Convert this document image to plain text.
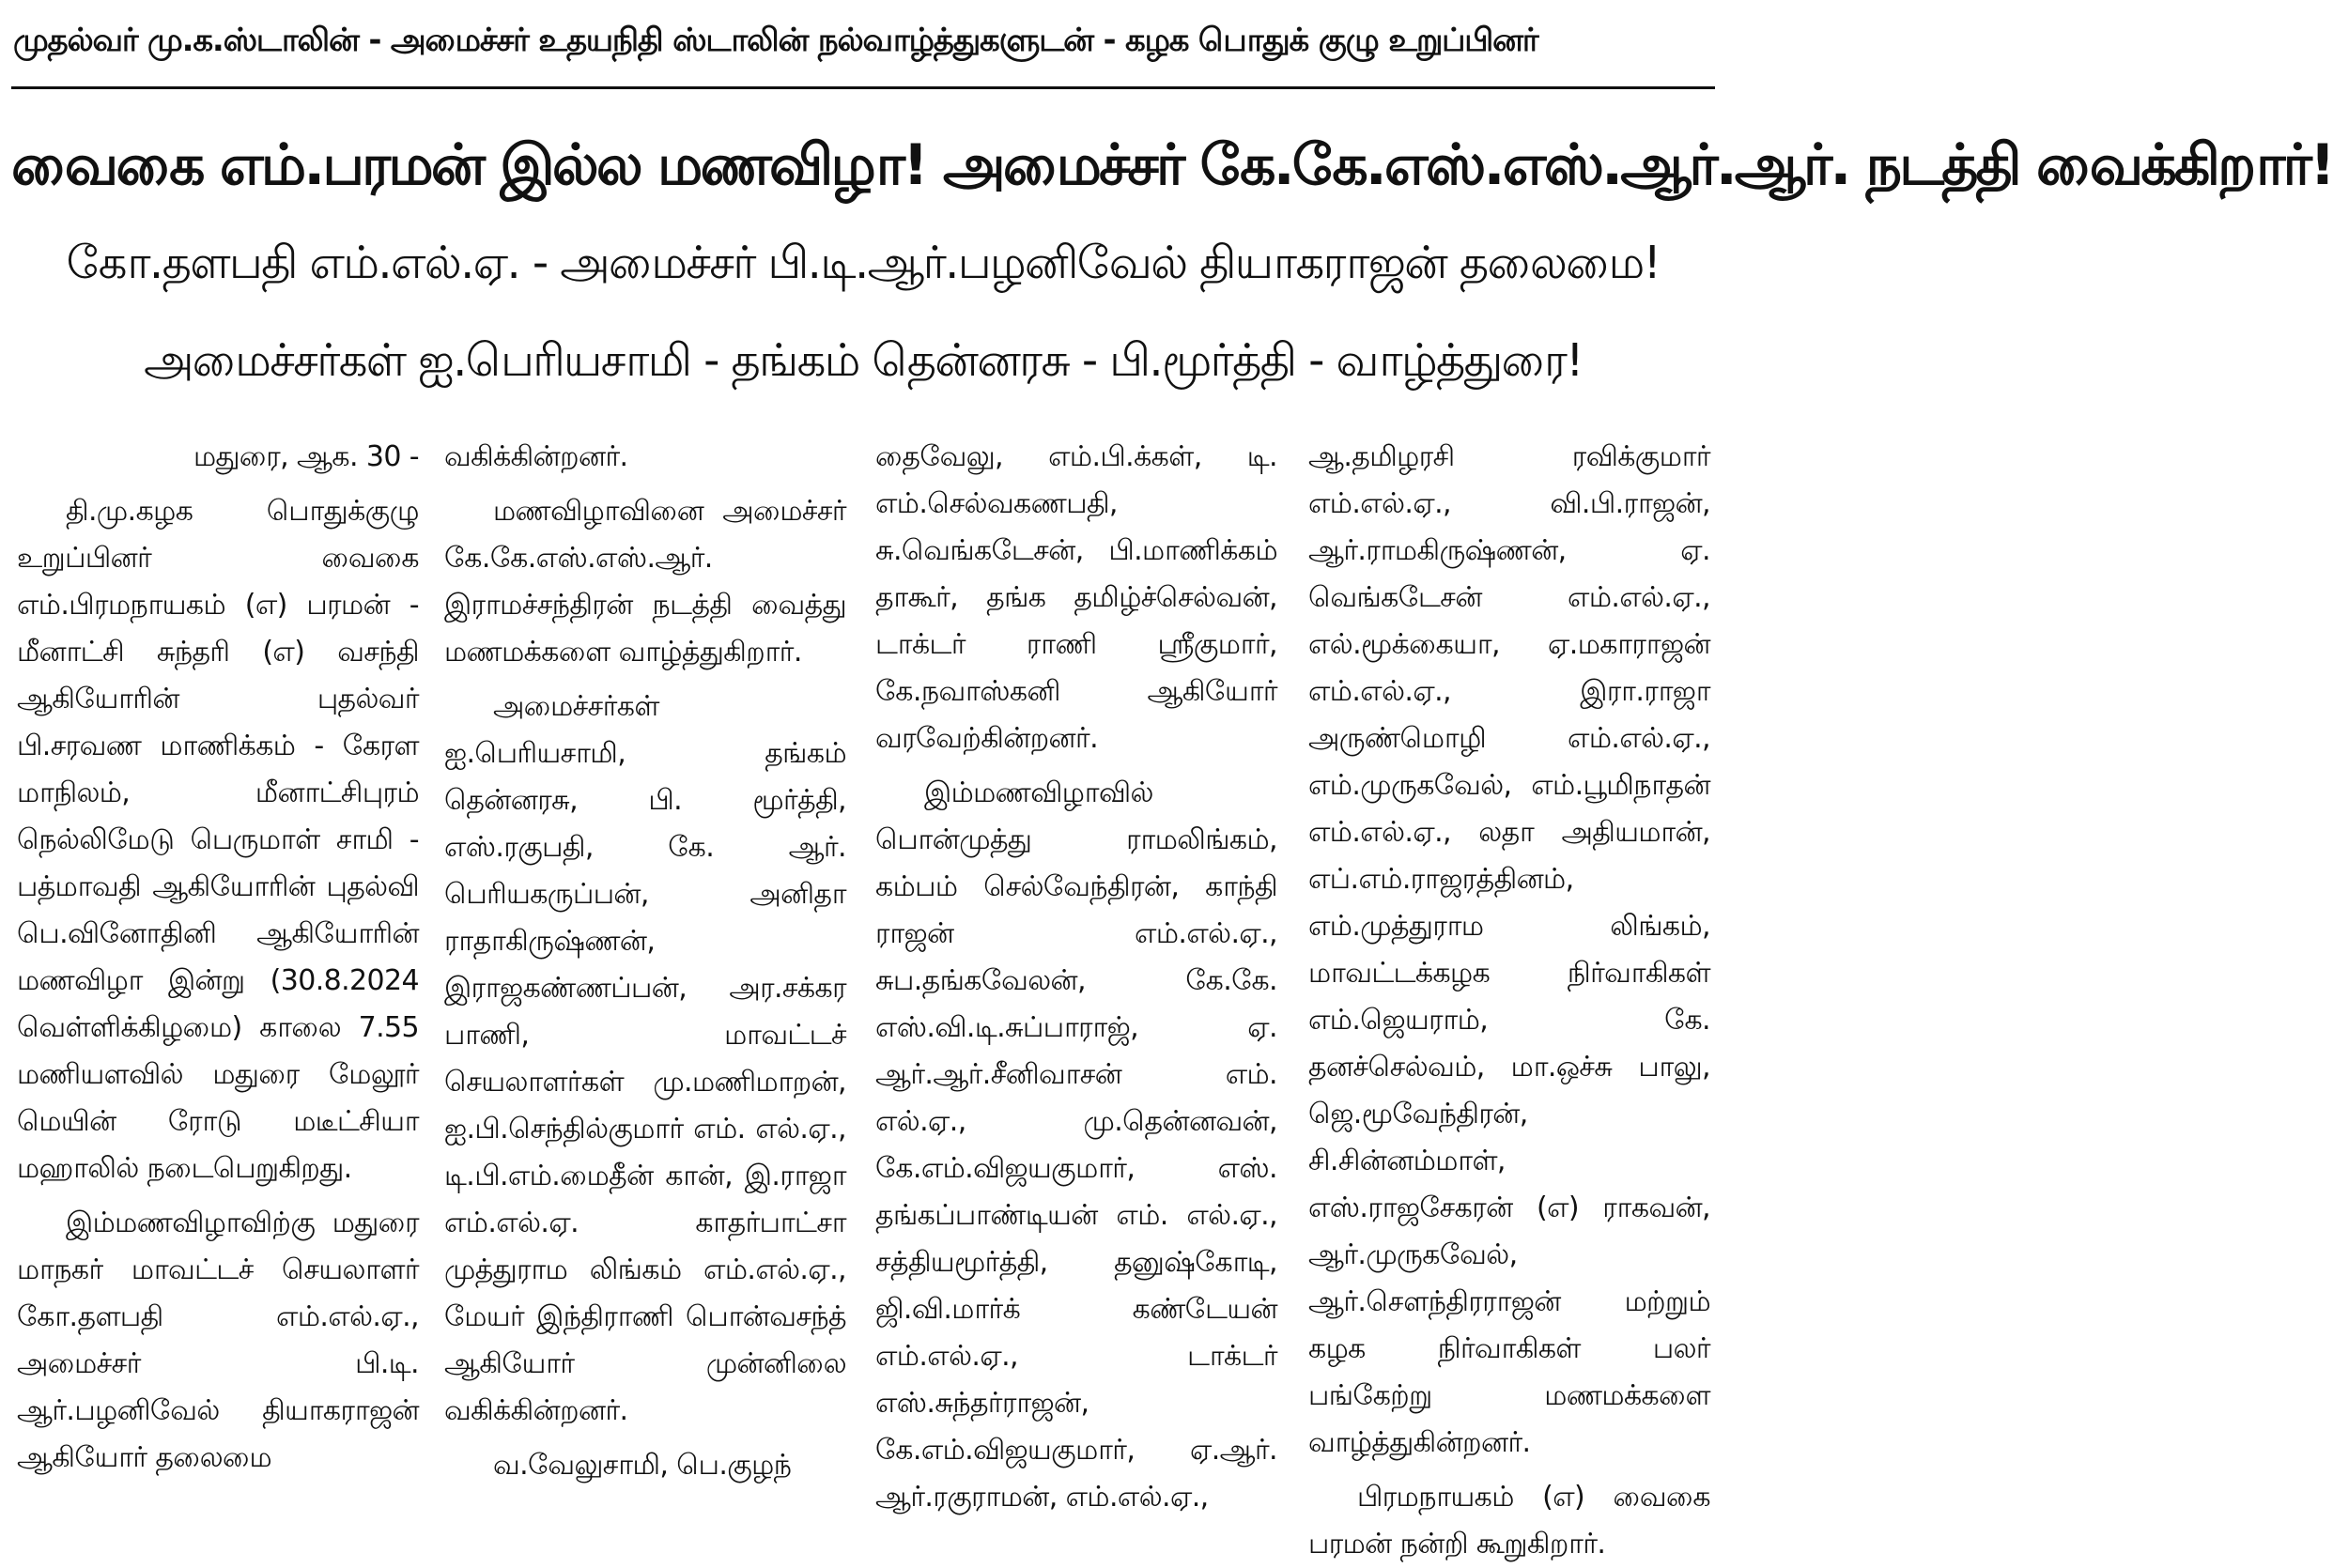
முதல்வர் மு.க.ஸ்டாலின் - அமைச்சர் உதயநிதி ஸ்டாலின் நல்வாழ்த்துகளுடன் - கழக பொதுக் குழு உறுப்பினர்
வைகை எம்.பரமன் இல்ல மணவிழா! அமைச்சர் கே.கே.எஸ்.எஸ்.ஆர்.ஆர். நடத்தி வைக்கிறார்!
கோ.தளபதி எம்.எல்.ஏ. - அமைச்சர் பி.டி.ஆர்.பழனிவேல் தியாகராஜன் தலைமை!
அமைச்சர்கள் ஐ.பெரியசாமி - தங்கம் தென்னரசு - பி.மூர்த்தி - வாழ்த்துரை!

மதுரை, ஆக. 30 -

தி.மு.கழக பொதுக்குழு உறுப்பினர் வைகை எம்.பிரமநாயகம் (எ) பரமன் - மீனாட்சி சுந்தரி (எ) வசந்தி ஆகியோரின் புதல்வர் பி.சரவண மாணிக்கம் - கேரள மாநிலம், மீனாட்சிபுரம் நெல்லிமேடு பெருமாள் சாமி - பத்மாவதி ஆகியோரின் புதல்வி பெ.வினோதினி ஆகியோரின் மணவிழா இன்று (30.8.2024 வெள்ளிக்கிழமை) காலை 7.55 மணியளவில் மதுரை மேலூர் மெயின் ரோடு மடீட்சியா மஹாலில் நடைபெறுகிறது.

இம்மணவிழாவிற்கு மதுரை மாநகர் மாவட்டச் செயலாளர் கோ.தளபதி எம்.எல்.ஏ., அமைச்சர் பி.டி. ஆர்.பழனிவேல் தியாகராஜன் ஆகியோர் தலைமை

வகிக்கின்றனர்.

மணவிழாவினை அமைச்சர் கே.கே.எஸ்.எஸ்.ஆர். இராமச்சந்திரன் நடத்தி வைத்து மணமக்களை வாழ்த்துகிறார்.

அமைச்சர்கள் ஐ.பெரியசாமி, தங்கம் தென்னரசு, பி. மூர்த்தி, எஸ்.ரகுபதி, கே. ஆர். பெரியகருப்பன், அனிதா ராதாகிருஷ்ணன், இராஜகண்ணப்பன், அர.சக்கர பாணி, மாவட்டச் செயலாளர்கள் மு.மணிமாறன், ஐ.பி.செந்தில்குமார் எம். எல்.ஏ., டி.பி.எம்.மைதீன் கான், இ.ராஜா எம்.எல்.ஏ. காதர்பாட்சா முத்துராம லிங்கம் எம்.எல்.ஏ., மேயர் இந்திராணி பொன்வசந்த் ஆகியோர் முன்னிலை வகிக்கின்றனர்.

வ.வேலுசாமி, பெ.குழந்

தைவேலு, எம்.பி.க்கள், டி. எம்.செல்வகணபதி, சு.வெங்கடேசன், பி.மாணிக்கம் தாகூர், தங்க தமிழ்ச்செல்வன், டாக்டர் ராணி ஸ்ரீகுமார், கே.நவாஸ்கனி ஆகியோர் வரவேற்கின்றனர்.

இம்மணவிழாவில் பொன்முத்து ராமலிங்கம், கம்பம் செல்வேந்திரன், காந்தி ராஜன் எம்.எல்.ஏ., சுப.தங்கவேலன், கே.கே. எஸ்.வி.டி.சுப்பாராஜ், ஏ. ஆர்.ஆர்.சீனிவாசன் எம். எல்.ஏ., மு.தென்னவன், கே.எம்.விஜயகுமார், எஸ். தங்கப்பாண்டியன் எம். எல்.ஏ., சத்தியமூர்த்தி, தனுஷ்கோடி, ஜி.வி.மார்க் கண்டேயன் எம்.எல்.ஏ., டாக்டர் எஸ்.சுந்தர்ராஜன், கே.எம்.விஜயகுமார், ஏ.ஆர். ஆர்.ரகுராமன், எம்.எல்.ஏ.,

ஆ.தமிழரசி ரவிக்குமார் எம்.எல்.ஏ., வி.பி.ராஜன், ஆர்.ராமகிருஷ்ணன், ஏ. வெங்கடேசன் எம்.எல்.ஏ., எல்.மூக்கையா, ஏ.மகாராஜன் எம்.எல்.ஏ., இரா.ராஜா அருண்மொழி எம்.எல்.ஏ., எம்.முருகவேல், எம்.பூமிநாதன் எம்.எல்.ஏ., லதா அதியமான், எப்.எம்.ராஜரத்தினம், எம்.முத்துராம லிங்கம், மாவட்டக்கழக நிர்வாகிகள் எம்.ஜெயராம், கே. தனச்செல்வம், மா.ஒச்சு பாலு, ஜெ.மூவேந்திரன், சி.சின்னம்மாள், எஸ்.ராஜசேகரன் (எ) ராகவன், ஆர்.முருகவேல், ஆர்.சௌந்திரராஜன் மற்றும் கழக நிர்வாகிகள் பலர் பங்கேற்று மணமக்களை வாழ்த்துகின்றனர்.

பிரமநாயகம் (எ) வைகை பரமன் நன்றி கூறுகிறார்.
